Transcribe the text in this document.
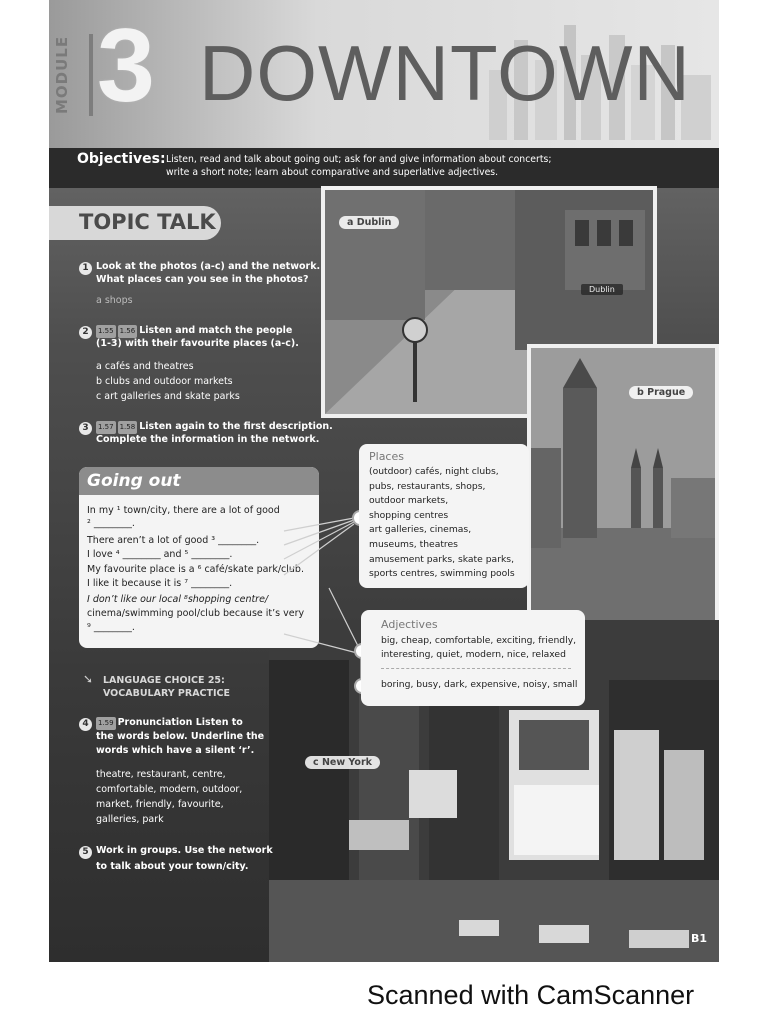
MODULE 3 DOWNTOWN
Objectives: Listen, read and talk about going out; ask for and give information about concerts;
write a short note; learn about comparative and superlative adjectives.
TOPIC TALK	a Dublin
Dublin
b Prague
c New York
1 Look at the photos (a-c) and the network.
What places can you see in the photos?
a shops
2	1.55 1.56 Listen and match the people
(1-3) with their favourite places (a-c).
a cafés and theatres
b clubs and outdoor markets
c art galleries and skate parks
3	1.57 1.58 Listen again to the first description.
Complete the information in the network.
Going out
In my ¹ town/city, there are a lot of good
² ________.
There aren’t a lot of good ³ ________.
I love ⁴ ________ and ⁵ ________.
My favourite place is a ⁶ café/skate park/club.
I like it because it is ⁷ ________.
I don’t like our local ⁸shopping centre/
cinema/swimming pool/club because it’s very
⁹ ________.
Places
(outdoor) cafés, night clubs,
pubs, restaurants, shops,
outdoor markets,
shopping centres
art galleries, cinemas,
museums, theatres
amusement parks, skate parks,
sports centres, swimming pools
Adjectives
big, cheap, comfortable, exciting, friendly,
interesting, quiet, modern, nice, relaxed
boring, busy, dark, expensive, noisy, small
➘ LANGUAGE CHOICE 25:
VOCABULARY PRACTICE
4	1.59 Pronunciation Listen to
the words below. Underline the
words which have a silent ‘r’.
theatre, restaurant, centre,
comfortable, modern, outdoor,
market, friendly, favourite,
galleries, park
5 Work in groups. Use the network
to talk about your town/city.
B1
Scanned with CamScanner
